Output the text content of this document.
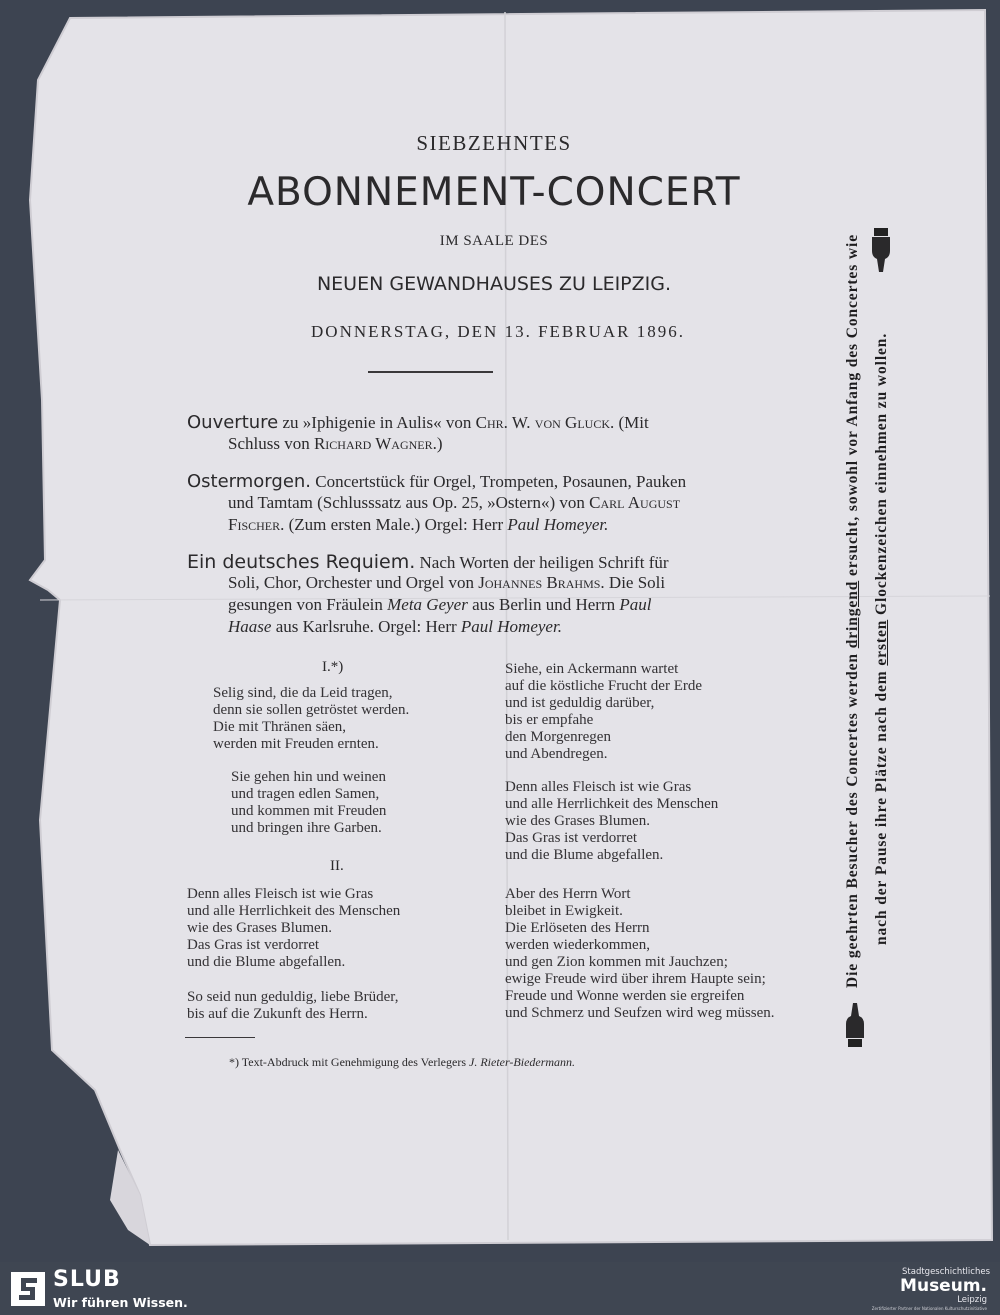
SIEBZEHNTES
ABONNEMENT-CONCERT
IM SAALE DES
NEUEN GEWANDHAUSES ZU LEIPZIG.
DONNERSTAG, DEN 13. FEBRUAR 1896.
Ouverture zu »Iphigenie in Aulis« von Chr. W. von Gluck. (Mit
Schluss von Richard Wagner.)
Ostermorgen. Concertstück für Orgel, Trompeten, Posaunen, Pauken
und Tamtam (Schlusssatz aus Op. 25, »Ostern«) von Carl August
Fischer. (Zum ersten Male.) Orgel: Herr Paul Homeyer.
Ein deutsches Requiem. Nach Worten der heiligen Schrift für
Soli, Chor, Orchester und Orgel von Johannes Brahms. Die Soli
gesungen von Fräulein Meta Geyer aus Berlin und Herrn Paul
Haase aus Karlsruhe. Orgel: Herr Paul Homeyer.
I.*)
Selig sind, die da Leid tragen,
denn sie sollen getröstet werden.
Die mit Thränen säen,
werden mit Freuden ernten.
Sie gehen hin und weinen
und tragen edlen Samen,
und kommen mit Freuden
und bringen ihre Garben.
II.
Denn alles Fleisch ist wie Gras
und alle Herrlichkeit des Menschen
wie des Grases Blumen.
Das Gras ist verdorret
und die Blume abgefallen.
So seid nun geduldig, liebe Brüder,
bis auf die Zukunft des Herrn.
Siehe, ein Ackermann wartet
auf die köstliche Frucht der Erde
und ist geduldig darüber,
bis er empfahe
den Morgenregen
und Abendregen.
Denn alles Fleisch ist wie Gras
und alle Herrlichkeit des Menschen
wie des Grases Blumen.
Das Gras ist verdorret
und die Blume abgefallen.
Aber des Herrn Wort
bleibet in Ewigkeit.
Die Erlöseten des Herrn
werden wiederkommen,
und gen Zion kommen mit Jauchzen;
ewige Freude wird über ihrem Haupte sein;
Freude und Wonne werden sie ergreifen
und Schmerz und Seufzen wird weg müssen.
*) Text-Abdruck mit Genehmigung des Verlegers J. Rieter-Biedermann.
Die geehrten Besucher des Concertes werden dringend ersucht, sowohl vor Anfang des Concertes wie
nach der Pause ihre Plätze nach dem ersten Glockenzeichen einnehmen zu wollen.
SLUB
Wir führen Wissen.
Stadtgeschichtliches
Museum.
Leipzig
Zertifizierter Partner der Nationalen Kulturschutzinitiative
